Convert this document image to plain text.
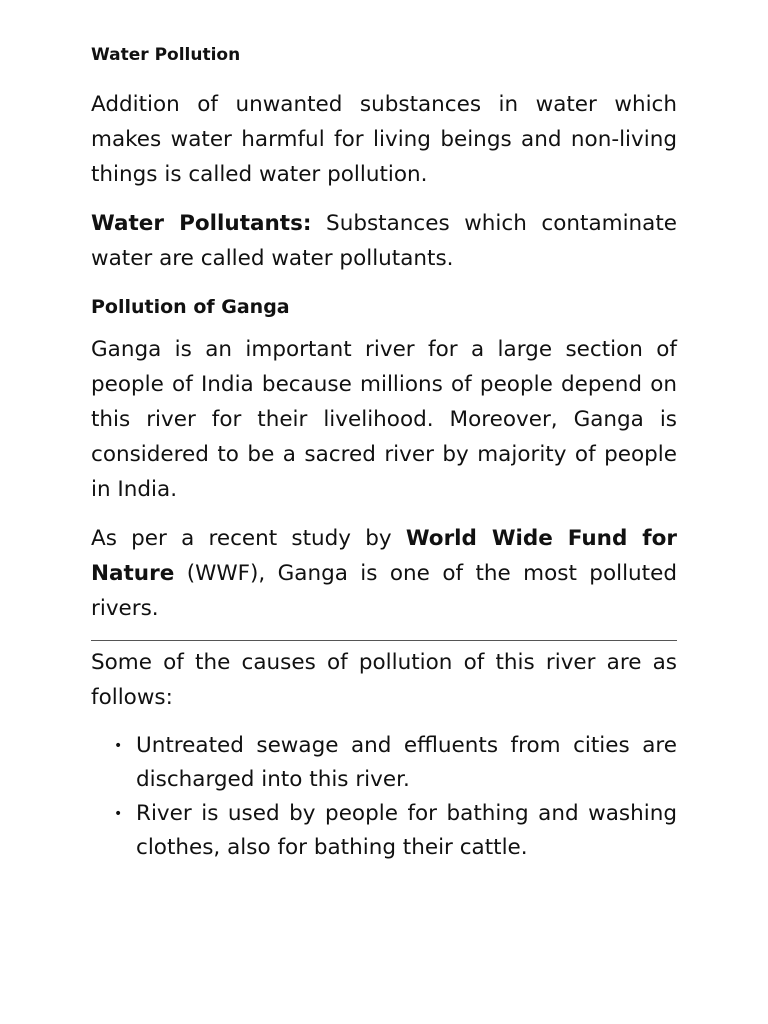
Water Pollution

Addition of unwanted substances in water which makes water harmful for living beings and non-living things is called water pollution.

Water Pollutants: Substances which contaminate water are called water pollutants.

Pollution of Ganga

Ganga is an important river for a large section of people of India because millions of people depend on this river for their livelihood. Moreover, Ganga is considered to be a sacred river by majority of people in India.

As per a recent study by World Wide Fund for Nature (WWF), Ganga is one of the most polluted rivers.

Some of the causes of pollution of this river are as follows:

• Untreated sewage and effluents from cities are discharged into this river.
• River is used by people for bathing and washing clothes, also for bathing their cattle.
